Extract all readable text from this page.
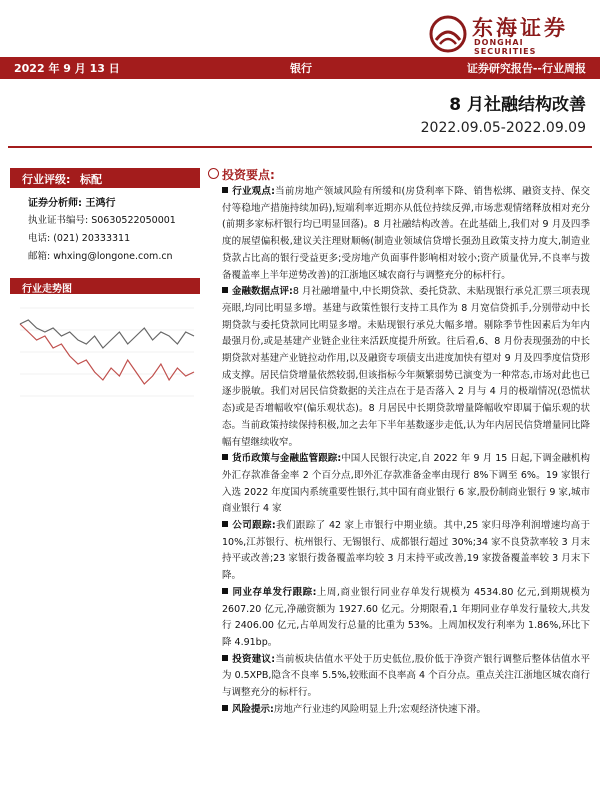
东海证券
DONGHAI SECURITIES
2022 年 9 月 13 日	银行	证券研究报告--行业周报
8 月社融结构改善
2022.09.05-2022.09.09
行业评级: 标配
证券分析师: 王鸿行
执业证书编号: S0630522050001
电话: (021) 20333311
邮箱: whxing@longone.com.cn
行业走势图
投资要点:

行业观点:当前房地产领域风险有所缓和(房贷利率下降、销售松绑、融资支持、保交付等稳地产措施持续加码),短端利率近期亦从低位持续反弹,市场悲观情绪释放相对充分(前期多家标杆银行均已明显回落)。8 月社融结构改善。在此基础上,我们对 9 月及四季度的展望偏积极,建议关注理财顺畅(制造业领域信贷增长强劲且政策支持力度大,制造业贷款占比高的银行受益更多;受房地产负面事件影响相对较小;资产质量优异,不良率与拨备覆盖率上半年逆势改善)的江浙地区城农商行与调整充分的标杆行。

金融数据点评:8 月社融增量中,中长期贷款、委托贷款、未贴现银行承兑汇票三项表现亮眼,均同比明显多增。基建与政策性银行支持工具作为 8 月宽信贷抓手,分别带动中长期贷款与委托贷款同比明显多增。未贴现银行承兑大幅多增。剔除季节性因素后为年内最强月份,或是基建产业链企业往来活跃度提升所致。往后看,6、8 月份表现强劲的中长期贷款对基建产业链拉动作用,以及融资专项债支出进度加快有望对 9 月及四季度信贷形成支撑。居民信贷增量依然较弱,但该指标今年频繁弱势已演变为一种常态,市场对此也已逐步脱敏。我们对居民信贷数据的关注点在于是否落入 2 月与 4 月的极端情况(恐慌状态)或是否增幅收窄(偏乐观状态)。8 月居民中长期贷款增量降幅收窄即属于偏乐观的状态。当前政策持续保持积极,加之去年下半年基数逐步走低,认为年内居民信贷增量同比降幅有望继续收窄。

货币政策与金融监管跟踪:中国人民银行决定,自 2022 年 9 月 15 日起,下调金融机构外汇存款准备金率 2 个百分点,即外汇存款准备金率由现行 8%下调至 6%。19 家银行入选 2022 年度国内系统重要性银行,其中国有商业银行 6 家,股份制商业银行 9 家,城市商业银行 4 家

公司跟踪:我们跟踪了 42 家上市银行中期业绩。其中,25 家归母净利润增速均高于 10%,江苏银行、杭州银行、无锡银行、成都银行超过 30%;34 家不良贷款率较 3 月末持平或改善;23 家银行拨备覆盖率均较 3 月末持平或改善,19 家拨备覆盖率较 3 月末下降。

同业存单发行跟踪:上周,商业银行同业存单发行规模为 4534.80 亿元,到期规模为 2607.20 亿元,净融资额为 1927.60 亿元。分期限看,1 年期同业存单发行量较大,共发行 2406.00 亿元,占单周发行总量的比重为 53%。上周加权发行利率为 1.86%,环比下降 4.91bp。

投资建议:当前板块估值水平处于历史低位,股价低于净资产银行调整后整体估值水平为 0.5XPB,隐含不良率 5.5%,较账面不良率高 4 个百分点。重点关注江浙地区城农商行与调整充分的标杆行。

风险提示:房地产行业违约风险明显上升;宏观经济快速下滑。
